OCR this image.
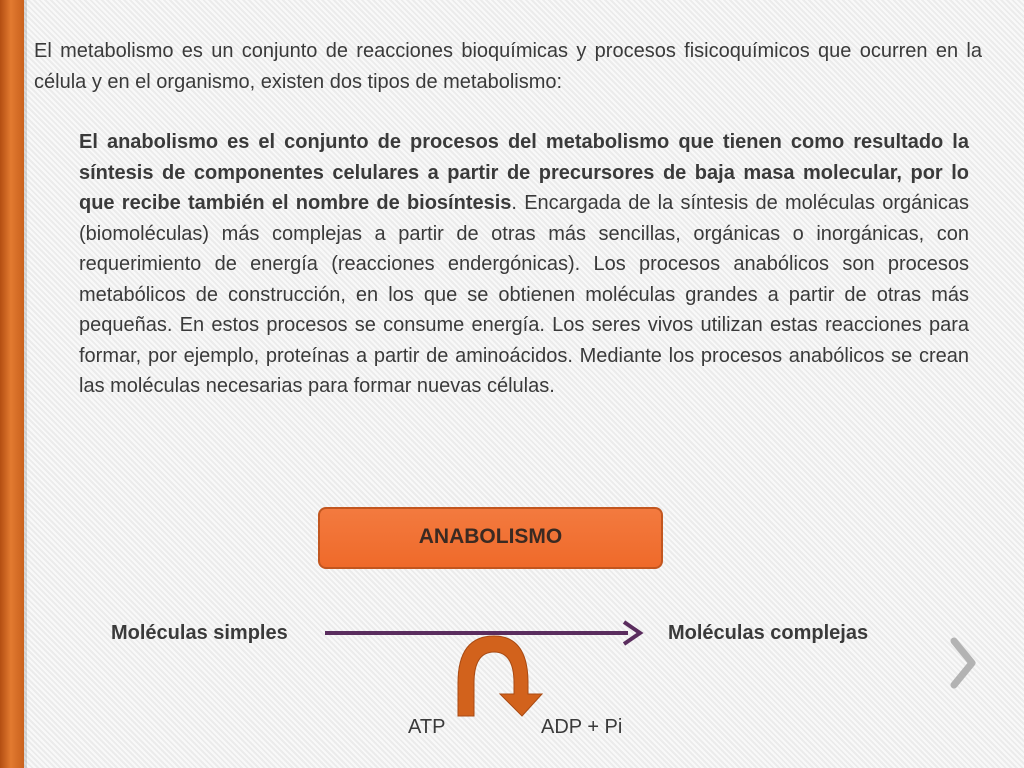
El metabolismo es un conjunto de reacciones bioquímicas y procesos fisicoquímicos que ocurren en la célula y en el organismo, existen dos tipos de metabolismo:

El anabolismo es el conjunto de procesos del metabolismo que tienen como resultado la síntesis de componentes celulares a partir de precursores de baja masa molecular, por lo que recibe también el nombre de biosíntesis. Encargada de la síntesis de moléculas orgánicas (biomoléculas) más complejas a partir de otras más sencillas, orgánicas o inorgánicas, con requerimiento de energía (reacciones endergónicas). Los procesos anabólicos son procesos metabólicos de construcción, en los que se obtienen moléculas grandes a partir de otras más pequeñas. En estos procesos se consume energía. Los seres vivos utilizan estas reacciones para formar, por ejemplo, proteínas a partir de aminoácidos. Mediante los procesos anabólicos se crean las moléculas necesarias para formar nuevas células.

ANABOLISMO
Moléculas simples	Moléculas complejas
ATP	ADP + Pi
